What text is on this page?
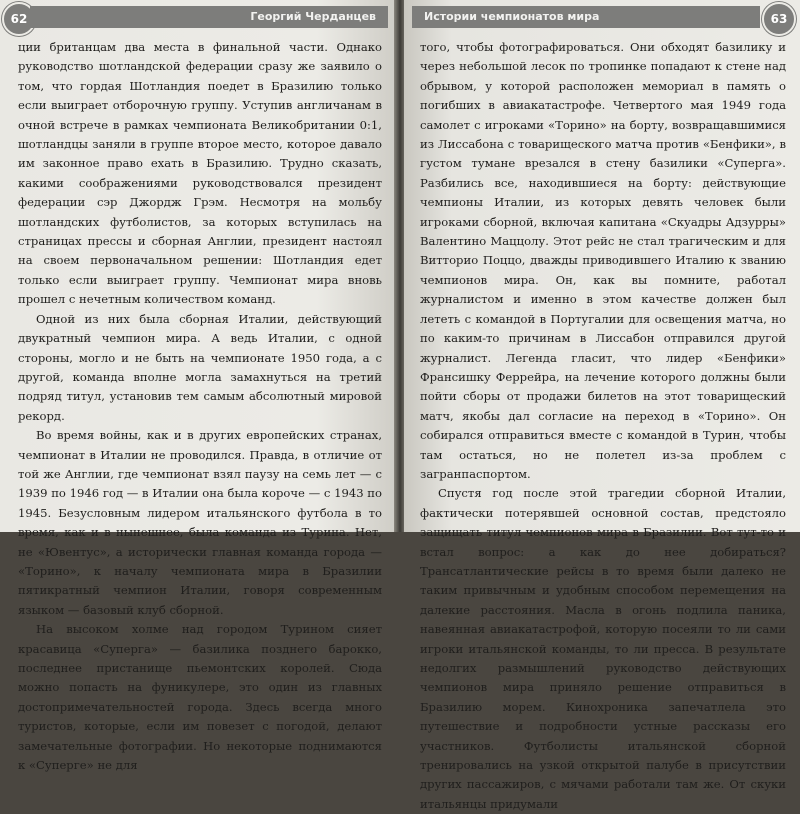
62	Георгий Черданцев

ции британцам два места в финальной части. Однако руководство шотландской федерации сразу же заявило о том, что гордая Шотландия поедет в Бразилию только если выиграет отборочную группу. Уступив англичанам в очной встрече в рамках чемпионата Великобритании 0:1, шотландцы заняли в группе второе место, которое давало им законное право ехать в Бразилию. Трудно сказать, какими соображениями руководствовался президент федерации сэр Джордж Грэм. Несмотря на мольбу шотландских футболистов, за которых вступилась на страницах прессы и сборная Англии, президент настоял на своем первоначальном решении: Шотландия едет только если выиграет группу. Чемпионат мира вновь прошел с нечетным количеством команд.

Одной из них была сборная Италии, действующий двукратный чемпион мира. А ведь Италии, с одной стороны, могло и не быть на чемпионате 1950 года, а с другой, команда вполне могла замахнуться на третий подряд титул, установив тем самым абсолютный мировой рекорд.

Во время войны, как и в других европейских странах, чемпионат в Италии не проводился. Правда, в отличие от той же Англии, где чемпионат взял паузу на семь лет — с 1939 по 1946 год — в Италии она была короче — с 1943 по 1945. Безусловным лидером итальянского футбола в то время, как и в нынешнее, была команда из Турина. Нет, не «Ювентус», а исторически главная команда города — «Торино», к началу чемпионата мира в Бразилии пятикратный чемпион Италии, говоря современным языком — базовый клуб сборной.

На высоком холме над городом Турином сияет красавица «Суперга» — базилика позднего барокко, последнее пристанище пьемонтских королей. Сюда можно попасть на фуникулере, это один из главных достопримечательностей города. Здесь всегда много туристов, которые, если им повезет с погодой, делают замечательные фотографии. Но некоторые поднимаются к «Суперге» не для

Истории чемпионатов мира	63

того, чтобы фотографироваться. Они обходят базилику и через небольшой лесок по тропинке попадают к стене над обрывом, у которой расположен мемориал в память о погибших в авиакатастрофе. Четвертого мая 1949 года самолет с игроками «Торино» на борту, возвращавшимися из Лиссабона с товарищеского матча против «Бенфики», в густом тумане врезался в стену базилики «Суперга». Разбились все, находившиеся на борту: действующие чемпионы Италии, из которых девять человек были игроками сборной, включая капитана «Скуадры Адзурры» Валентино Маццолу. Этот рейс не стал трагическим и для Витторио Поццо, дважды приводившего Италию к званию чемпионов мира. Он, как вы помните, работал журналистом и именно в этом качестве должен был лететь с командой в Португалии для освещения матча, но по каким-то причинам в Лиссабон отправился другой журналист. Легенда гласит, что лидер «Бенфики» Франсишку Феррейра, на лечение которого должны были пойти сборы от продажи билетов на этот товарищеский матч, якобы дал согласие на переход в «Торино». Он собирался отправиться вместе с командой в Турин, чтобы там остаться, но не полетел из-за проблем с загранпаспортом.

Спустя год после этой трагедии сборной Италии, фактически потерявшей основной состав, предстояло защищать титул чемпионов мира в Бразилии. Вот тут-то и встал вопрос: а как до нее добираться? Трансатлантические рейсы в то время были далеко не таким привычным и удобным способом перемещения на далекие расстояния. Масла в огонь подлила паника, навеянная авиакатастрофой, которую посеяли то ли сами игроки итальянской команды, то ли пресса. В результате недолгих размышлений руководство действующих чемпионов мира приняло решение отправиться в Бразилию морем. Кинохроника запечатлела это путешествие и подробности устные рассказы его участников. Футболисты итальянской сборной тренировались на узкой открытой палубе в присутствии других пассажиров, с мячами работали там же. От скуки итальянцы придумали
